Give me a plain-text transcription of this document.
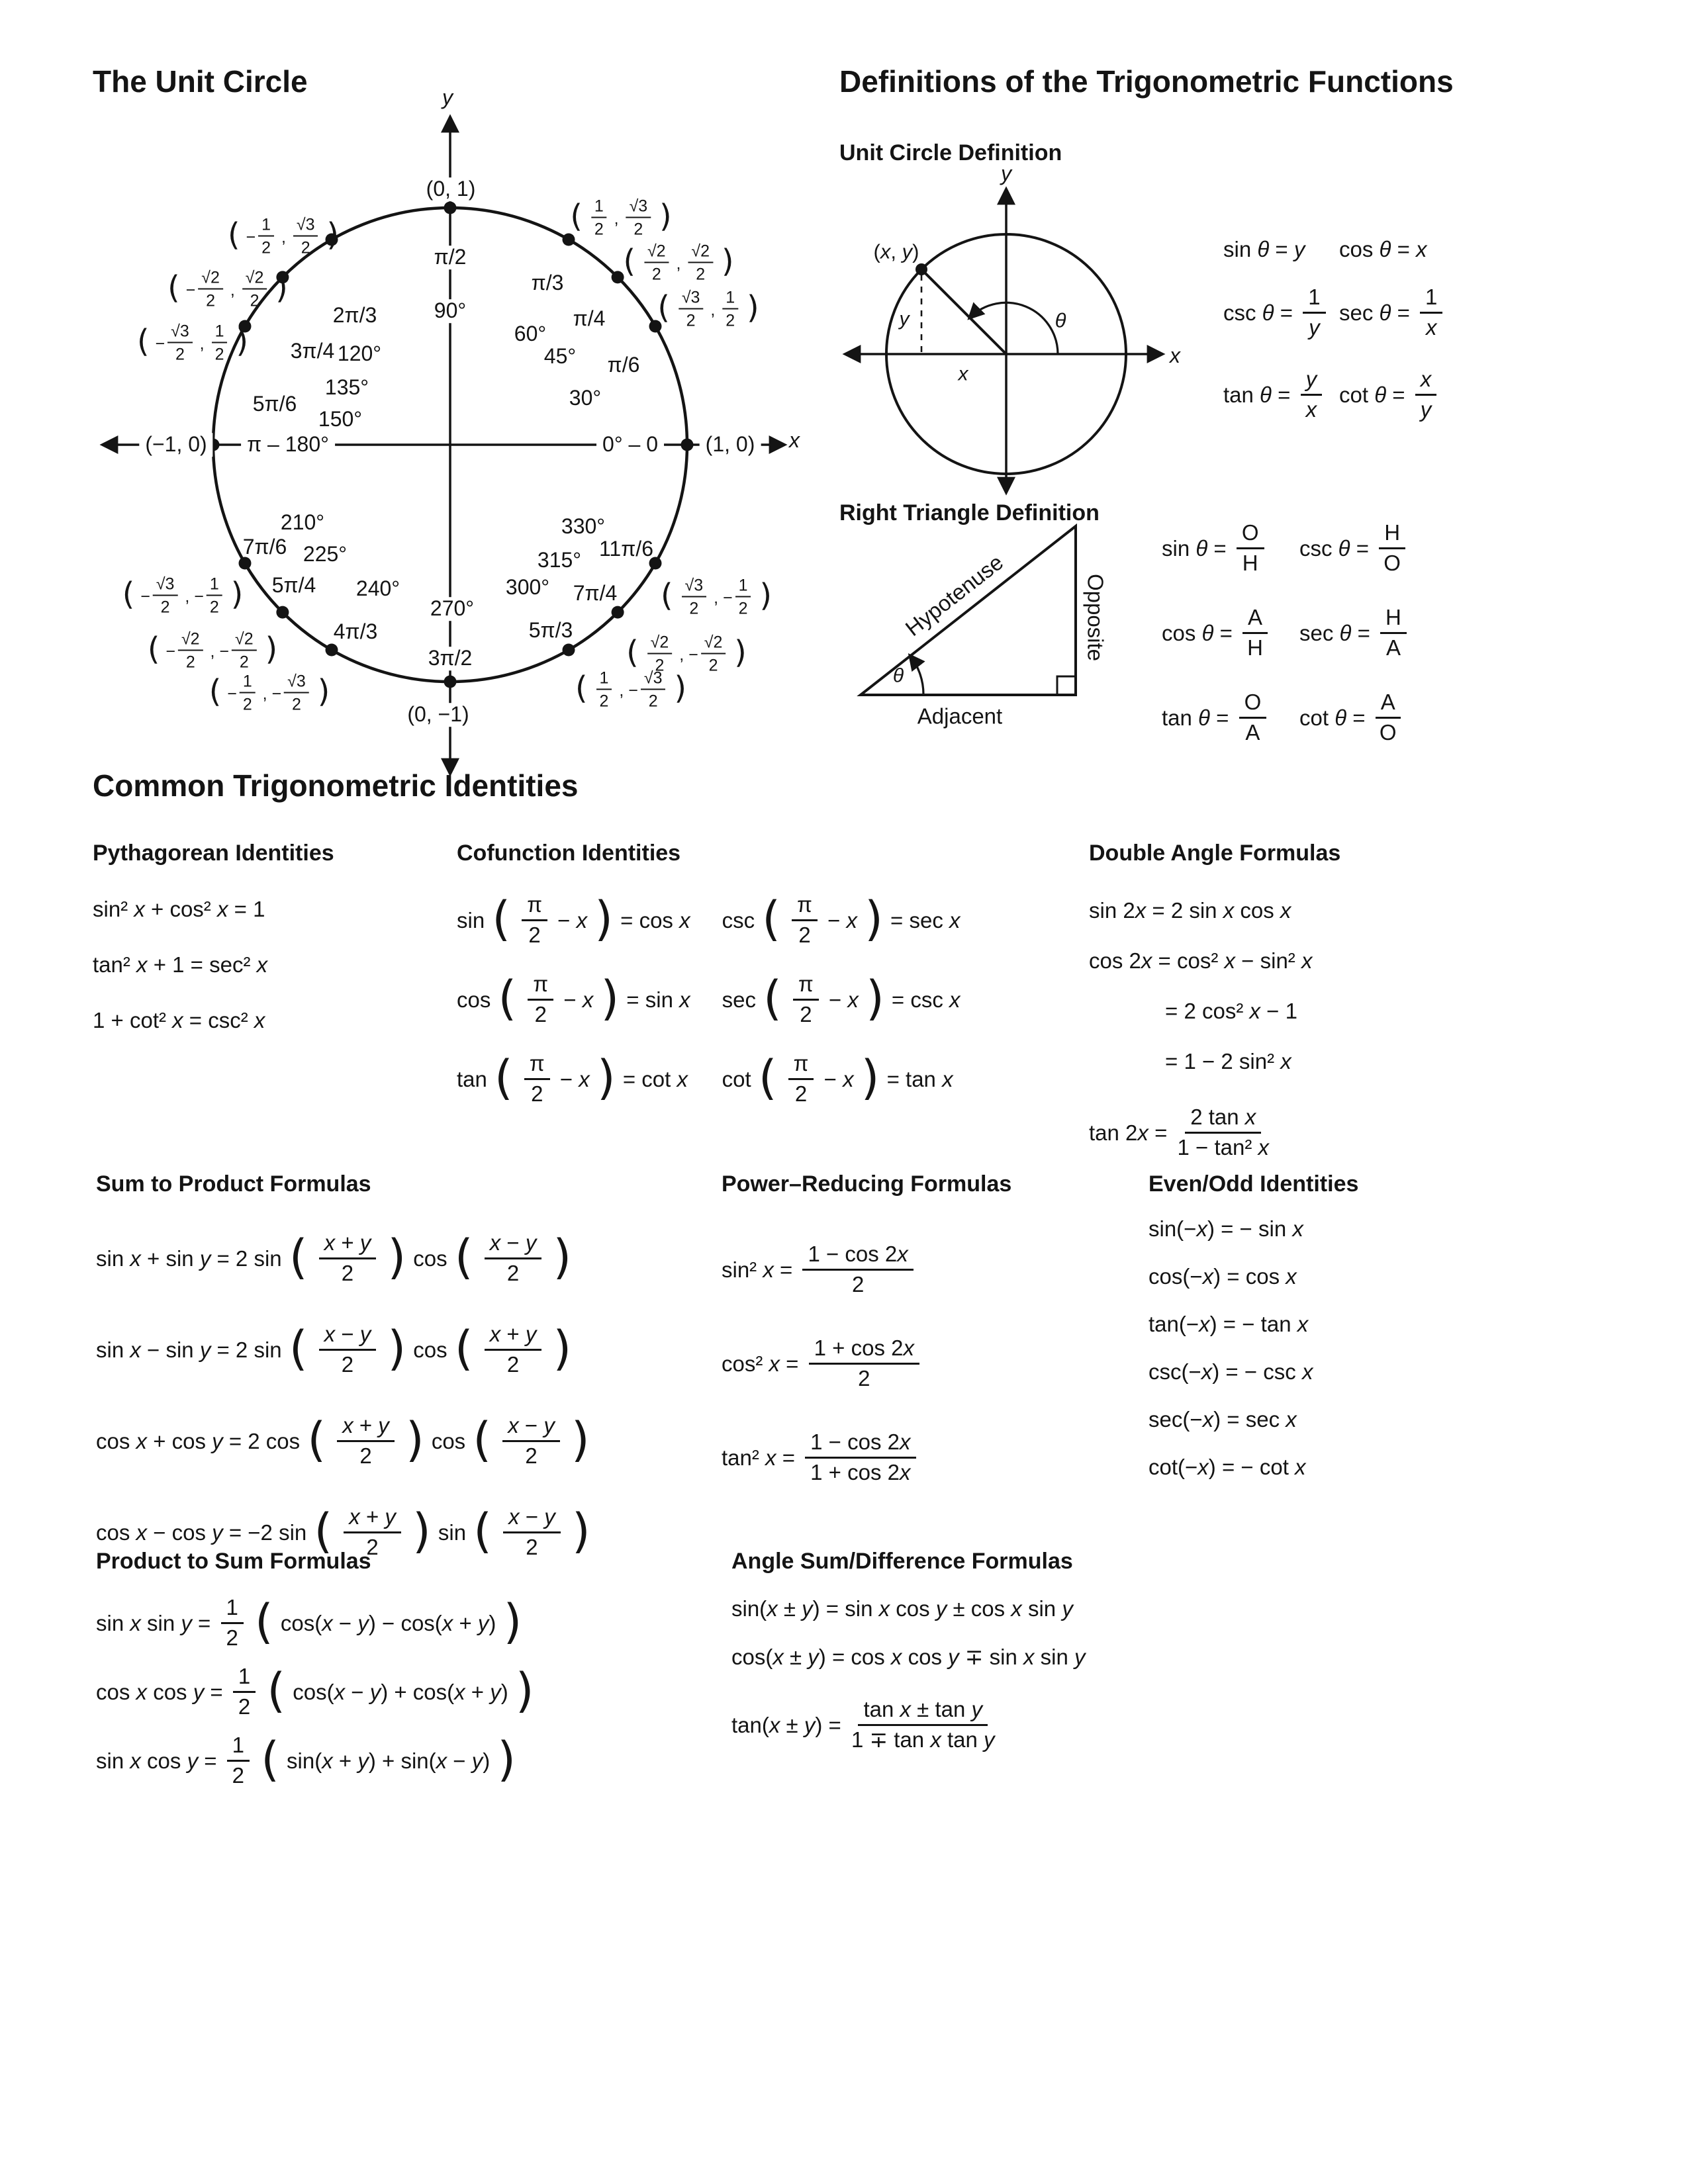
The Unit Circle	Definitions of the Trigonometric Functions
Common Trigonometric Identities
(0, 1)
π/2
90°
(−1, 0) π – 180°	0° – 0 (1, 0)
270°
3π/2
(0, −1)
x
y
30°
π/6
( $\frac{√3}{2}$ , $\frac{1}{2}$ )
45°
π/4
( $\frac{√2}{2}$ , $\frac{√2}{2}$ )
60°
π/3
( $\frac{1}{2}$ , $\frac{√3}{2}$ )
120°
2π/3
( − $\frac{1}{2}$ , $\frac{√3}{2}$ )
135°
3π/4
( − $\frac{√2}{2}$ , $\frac{√2}{2}$ )
150°
5π/6
( − $\frac{√3}{2}$ , $\frac{1}{2}$ )
210°
7π/6
( − $\frac{√3}{2}$ , − $\frac{1}{2}$ )
225°
5π/4
( − $\frac{√2}{2}$ , − $\frac{√2}{2}$ )
240°
4π/3
( − $\frac{1}{2}$ , − $\frac{√3}{2}$ )
300°
5π/3
( $\frac{1}{2}$ , − $\frac{√3}{2}$ )
315°
7π/4
( $\frac{√2}{2}$ , − $\frac{√2}{2}$ )
330°
11π/6
( $\frac{√3}{2}$ , − $\frac{1}{2}$ )
Unit Circle Definition
(x, y)
θ
y
x
x
y
sin θ = y	cos θ = x
$\csc \theta = \frac{1}{y}$ $\sec \theta = \frac{1}{x}$
$\tan \theta = \frac{y}{x}$ $\cot \theta = \frac{x}{y}$
Right Triangle Definition
Hypotenuse	Opposite
Adjacent
θ
$\sin \theta = \frac{O}{H}$ $\csc \theta = \frac{H}{O}$
$\cos \theta = \frac{A}{H}$ $\sec \theta = \frac{H}{A}$
$\tan \theta = \frac{O}{A}$ $\cot \theta = \frac{A}{O}$
Pythagorean Identities
sin² x + cos² x = 1
tan² x + 1 = sec² x
1 + cot² x = csc² x
Cofunction Identities
sin ( $\frac{\pi}{2} - x$ ) = cos x
cos ( $\frac{\pi}{2} - x$ ) = sin x
tan ( $\frac{\pi}{2} - x$ ) = cot x
csc ( $\frac{\pi}{2} - x$ ) = sec x
sec ( $\frac{\pi}{2} - x$ ) = csc x
cot ( $\frac{\pi}{2} - x$ ) = tan x
Double Angle Formulas
sin 2x = 2 sin x cos x
cos 2x = cos² x − sin² x
= 2 cos² x − 1
= 1 − 2 sin² x
$\tan 2x = \frac{\text{2 tan x}}{\text{1 − tan² x}}$
Sum to Product Formulas
sin x + sin y = 2 sin ( $\frac{x + y}{2}$ ) cos ( $\frac{x - y}{2}$ )
sin x − sin y = 2 sin ( $\frac{x - y}{2}$ ) cos ( $\frac{x + y}{2}$ )
cos x + cos y = 2 cos ( $\frac{x + y}{2}$ ) cos ( $\frac{x - y}{2}$ )
cos x − cos y = −2 sin ( $\frac{x + y}{2}$ ) sin ( $\frac{x - y}{2}$ )
Power–Reducing Formulas
sin² $x = \frac{1 - \cos 2x}{2}$
cos² $x = \frac{1 + \cos 2x}{2}$
tan² $x = \frac{1 - \cos 2x}{1 + \cos 2x}$
Even/Odd Identities
sin(−x) = − sin x
cos(−x) = cos x
tan(−x) = − tan x
csc(−x) = − csc x
sec(−x) = sec x
cot(−x) = − cot x
Product to Sum Formulas
sin x $\sin y = \frac{1}{2}$ ( cos(x − y) − cos(x + y) )
cos x $\cos y = \frac{1}{2}$ ( cos(x − y) + cos(x + y) )
sin x $\cos y = \frac{1}{2}$ ( sin(x + y) + sin(x − y) )
Angle Sum/Difference Formulas
sin(x ± y) = sin x cos y ± cos x sin y
cos(x ± y) = cos x cos y ∓ sin x sin y
$\tan(x \pm y) = \frac{\text{tan x ± tan y}}{\text{1 ∓ tan x tan y}}$
